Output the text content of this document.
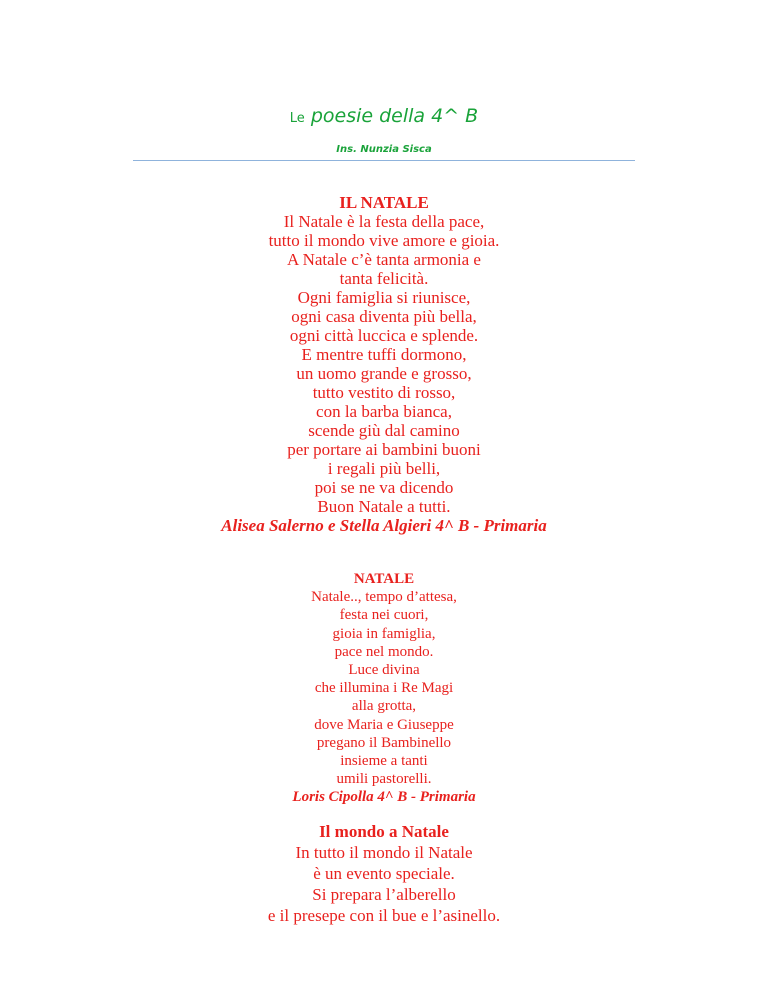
Le poesie della 4^ B
Ins. Nunzia Sisca
IL NATALE
Il Natale è la festa della pace,
tutto il mondo vive amore e gioia.
A Natale c’è tanta armonia e
tanta felicità.
Ogni famiglia si riunisce,
ogni casa diventa più bella,
ogni città luccica e splende.
E mentre tuffi dormono,
un uomo grande e grosso,
tutto vestito di rosso,
con la barba bianca,
scende giù dal camino
per portare ai bambini buoni
i regali più belli,
poi se ne va dicendo
Buon Natale a tutti.
Alisea Salerno e Stella Algieri 4^ B - Primaria
NATALE
Natale.., tempo d’attesa,
festa nei cuori,
gioia in famiglia,
pace nel mondo.
Luce divina
che illumina i Re Magi
alla grotta,
dove Maria e Giuseppe
pregano il Bambinello
insieme a tanti
umili pastorelli.
Loris Cipolla 4^ B - Primaria
Il mondo a Natale
In tutto il mondo il Natale
è un evento speciale.
Si prepara l’alberello
e il presepe con il bue e l’asinello.
